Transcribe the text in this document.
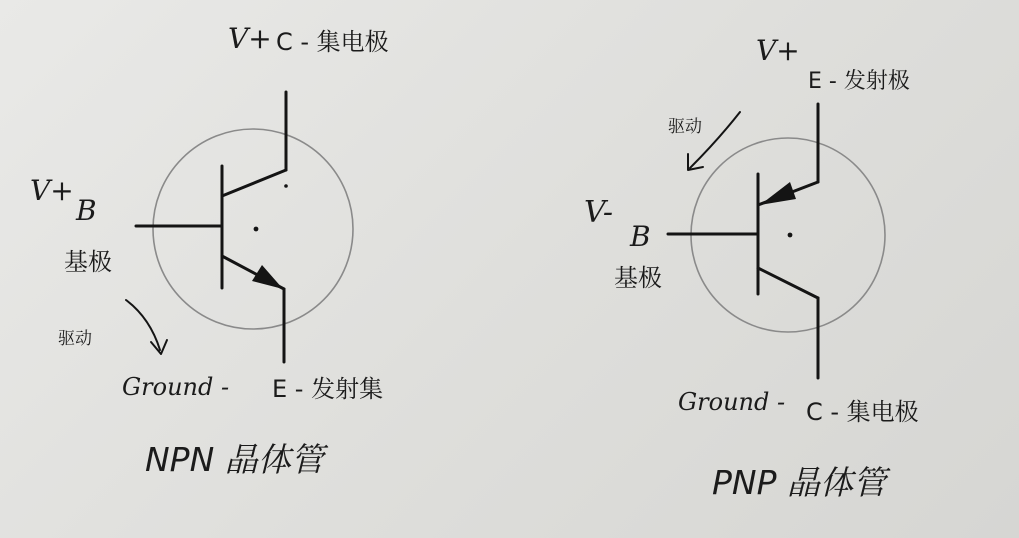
V+ C - 集电极
V+
B
基极
驱动
Ground - E - 发射集
NPN 晶体管
V+
E - 发射极
驱动
V-
B
基极
Ground - C - 集电极
PNP 晶体管
